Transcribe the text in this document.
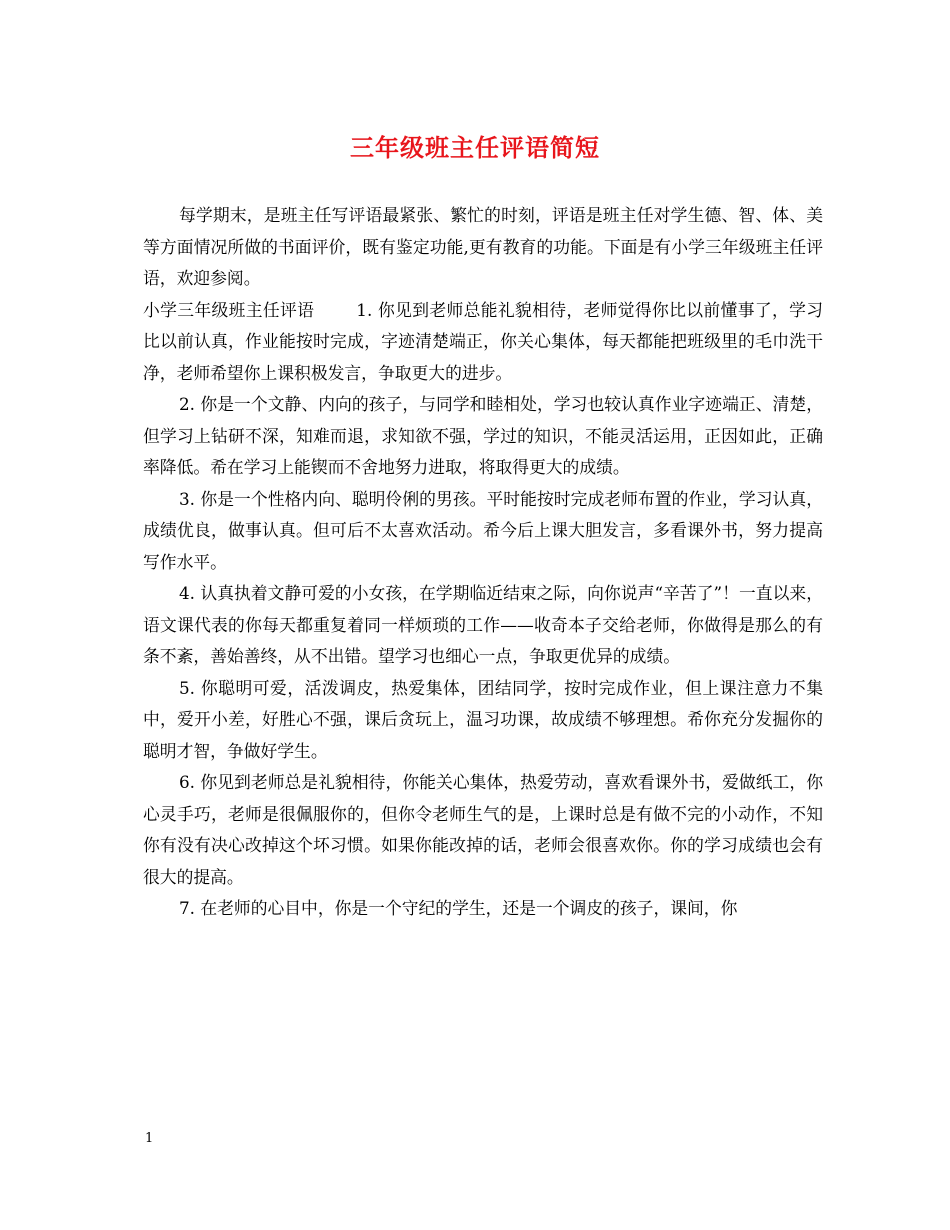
三年级班主任评语简短

每学期末，是班主任写评语最紧张、繁忙的时刻，评语是班主任对学生德、智、体、美等方面情况所做的书面评价，既有鉴定功能,更有教育的功能。下面是有小学三年级班主任评语，欢迎参阅。

小学三年级班主任评语	1. 你见到老师总能礼貌相待，老师觉得你比以前懂事了，学习比以前认真，作业能按时完成，字迹清楚端正，你关心集体，每天都能把班级里的毛巾洗干净，老师希望你上课积极发言，争取更大的进步。

2. 你是一个文静、内向的孩子，与同学和睦相处，学习也较认真作业字迹端正、清楚，但学习上钻研不深，知难而退，求知欲不强，学过的知识，不能灵活运用，正因如此，正确率降低。希在学习上能锲而不舍地努力进取，将取得更大的成绩。

3. 你是一个性格内向、聪明伶俐的男孩。平时能按时完成老师布置的作业，学习认真，成绩优良，做事认真。但可后不太喜欢活动。希今后上课大胆发言，多看课外书，努力提高写作水平。

4. 认真执着文静可爱的小女孩，在学期临近结束之际，向你说声“辛苦了”！一直以来，语文课代表的你每天都重复着同一样烦琐的工作——收奇本子交给老师，你做得是那么的有条不紊，善始善终，从不出错。望学习也细心一点，争取更优异的成绩。

5. 你聪明可爱，活泼调皮，热爱集体，团结同学，按时完成作业，但上课注意力不集中，爱开小差，好胜心不强，课后贪玩上，温习功课，故成绩不够理想。希你充分发掘你的聪明才智，争做好学生。

6. 你见到老师总是礼貌相待，你能关心集体，热爱劳动，喜欢看课外书，爱做纸工，你心灵手巧，老师是很佩服你的，但你令老师生气的是，上课时总是有做不完的小动作，不知你有没有决心改掉这个坏习惯。如果你能改掉的话，老师会很喜欢你。你的学习成绩也会有很大的提高。

7. 在老师的心目中，你是一个守纪的学生，还是一个调皮的孩子，课间，你

1
